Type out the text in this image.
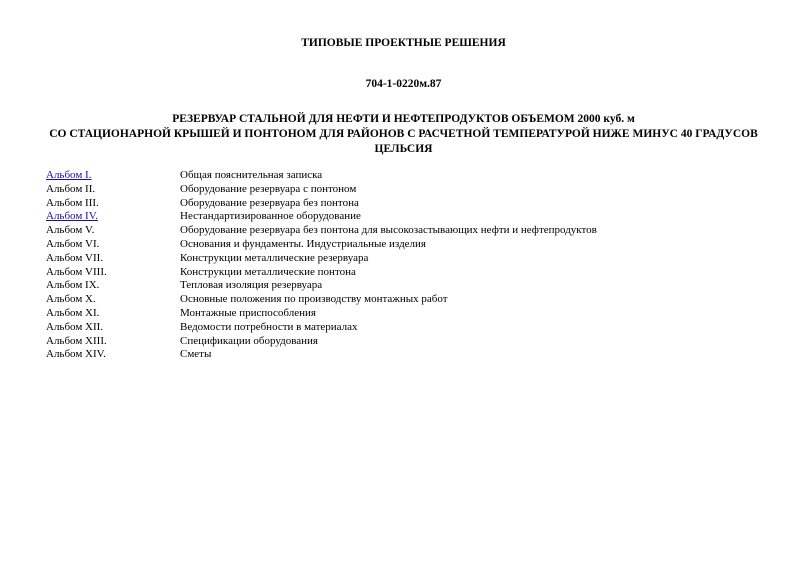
ТИПОВЫЕ ПРОЕКТНЫЕ РЕШЕНИЯ
704-1-0220м.87
РЕЗЕРВУАР СТАЛЬНОЙ ДЛЯ НЕФТИ И НЕФТЕПРОДУКТОВ ОБЪЕМОМ 2000 куб. м
СО СТАЦИОНАРНОЙ КРЫШЕЙ И ПОНТОНОМ ДЛЯ РАЙОНОВ С РАСЧЕТНОЙ ТЕМПЕРАТУРОЙ НИЖЕ МИНУС 40 ГРАДУСОВ
ЦЕЛЬСИЯ
Альбом I.	Общая пояснительная записка
Альбом II.	Оборудование резервуара с понтоном
Альбом III.	Оборудование резервуара без понтона
Альбом IV.	Нестандартизированное оборудование
Альбом V.	Оборудование резервуара без понтона для высокозастывающих нефти и нефтепродуктов
Альбом VI.	Основания и фундаменты. Индустриальные изделия
Альбом VII.	Конструкции металлические резервуара
Альбом VIII.	Конструкции металлические понтона
Альбом IX.	Тепловая изоляция резервуара
Альбом X.	Основные положения по производству монтажных работ
Альбом XI.	Монтажные приспособления
Альбом XII.	Ведомости потребности в материалах
Альбом XIII.	Спецификации оборудования
Альбом XIV.	Сметы
